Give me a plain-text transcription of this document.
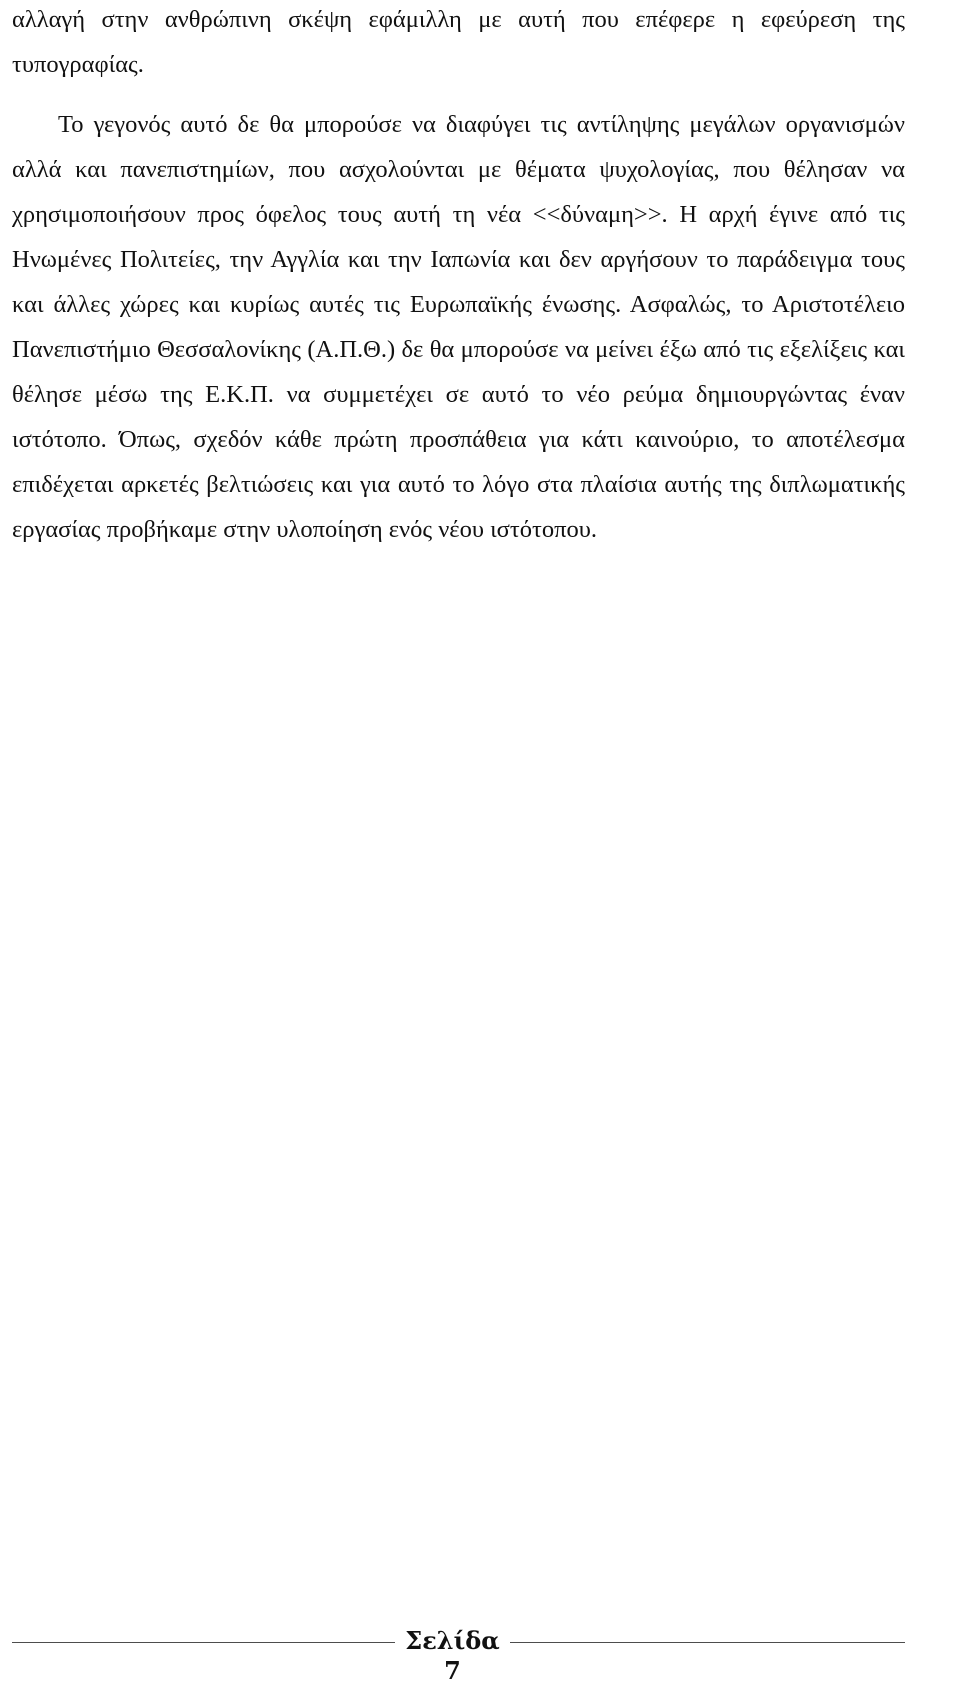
αλλαγή στην ανθρώπινη σκέψη εφάμιλλη με αυτή που επέφερε η εφεύρεση της τυπογραφίας.

Το γεγονός αυτό δε θα μπορούσε να διαφύγει τις αντίληψης μεγάλων οργανισμών αλλά και πανεπιστημίων, που ασχολούνται με θέματα ψυχολογίας, που θέλησαν να χρησιμοποιήσουν προς όφελος τους αυτή τη νέα <<δύναμη>>. Η αρχή έγινε από τις Ηνωμένες Πολιτείες, την Αγγλία και την Ιαπωνία και δεν αργήσουν το παράδειγμα τους και άλλες χώρες και κυρίως αυτές τις Ευρωπαϊκής ένωσης. Ασφαλώς, το Αριστοτέλειο Πανεπιστήμιο Θεσσαλονίκης (Α.Π.Θ.) δε θα μπορούσε να μείνει έξω από τις εξελίξεις και θέλησε μέσω της Ε.Κ.Π. να συμμετέχει σε αυτό το νέο ρεύμα δημιουργώντας έναν ιστότοπο. Όπως, σχεδόν κάθε πρώτη προσπάθεια για κάτι καινούριο, το αποτέλεσμα επιδέχεται αρκετές βελτιώσεις και για αυτό το λόγο στα πλαίσια αυτής της διπλωματικής εργασίας προβήκαμε στην υλοποίηση ενός νέου ιστότοπου.

Σελίδα 7
